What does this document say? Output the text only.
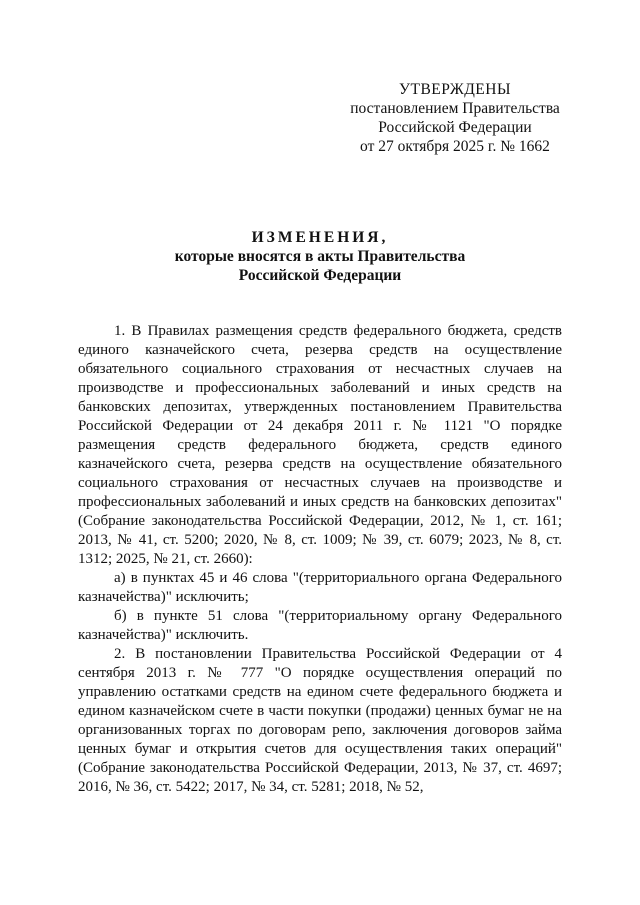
УТВЕРЖДЕНЫ
постановлением Правительства
Российской Федерации
от 27 октября 2025 г. № 1662
ИЗМЕНЕНИЯ,
которые вносятся в акты Правительства
Российской Федерации

1. В Правилах размещения средств федерального бюджета, средств единого казначейского счета, резерва средств на осуществление обязательного социального страхования от несчастных случаев на производстве и профессиональных заболеваний и иных средств на банковских депозитах, утвержденных постановлением Правительства Российской Федерации от 24 декабря 2011 г. № 1121 "О порядке размещения средств федерального бюджета, средств единого казначейского счета, резерва средств на осуществление обязательного социального страхования от несчастных случаев на производстве и профессиональных заболеваний и иных средств на банковских депозитах" (Собрание законодательства Российской Федерации, 2012, № 1, ст. 161; 2013, № 41, ст. 5200; 2020, № 8, ст. 1009; № 39, ст. 6079; 2023, № 8, ст. 1312; 2025, № 21, ст. 2660):

а) в пунктах 45 и 46 слова "(территориального органа Федерального казначейства)" исключить;

б) в пункте 51 слова "(территориальному органу Федерального казначейства)" исключить.

2. В постановлении Правительства Российской Федерации от 4 сентября 2013 г. № 777 "О порядке осуществления операций по управлению остатками средств на едином счете федерального бюджета и едином казначейском счете в части покупки (продажи) ценных бумаг не на организованных торгах по договорам репо, заключения договоров займа ценных бумаг и открытия счетов для осуществления таких операций" (Собрание законодательства Российской Федерации, 2013, № 37, ст. 4697; 2016, № 36, ст. 5422; 2017, № 34, ст. 5281; 2018, № 52,
